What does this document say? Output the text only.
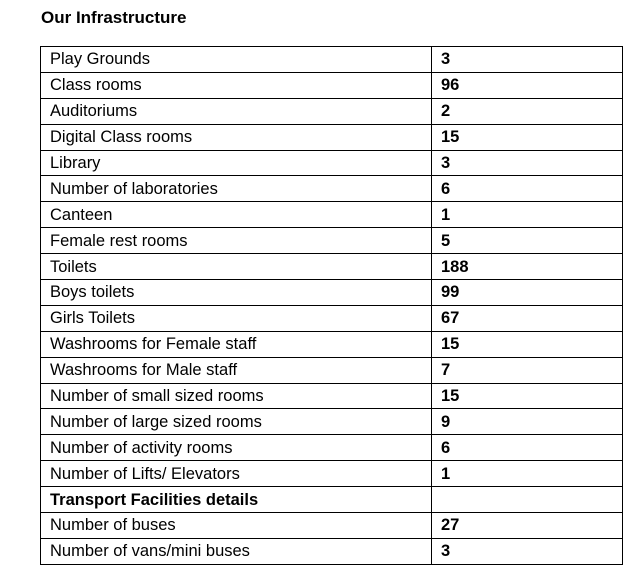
Our Infrastructure
Play Grounds	3
Class rooms	96
Auditoriums	2
Digital Class rooms	15
Library	3
Number of laboratories	6
Canteen	1
Female rest rooms	5
Toilets	188
Boys toilets	99
Girls Toilets	67
Washrooms for Female staff	15
Washrooms for Male staff	7
Number of small sized rooms	15
Number of large sized rooms	9
Number of activity rooms	6
Number of Lifts/ Elevators	1
Transport Facilities details	
Number of buses	27
Number of vans/mini buses	3
